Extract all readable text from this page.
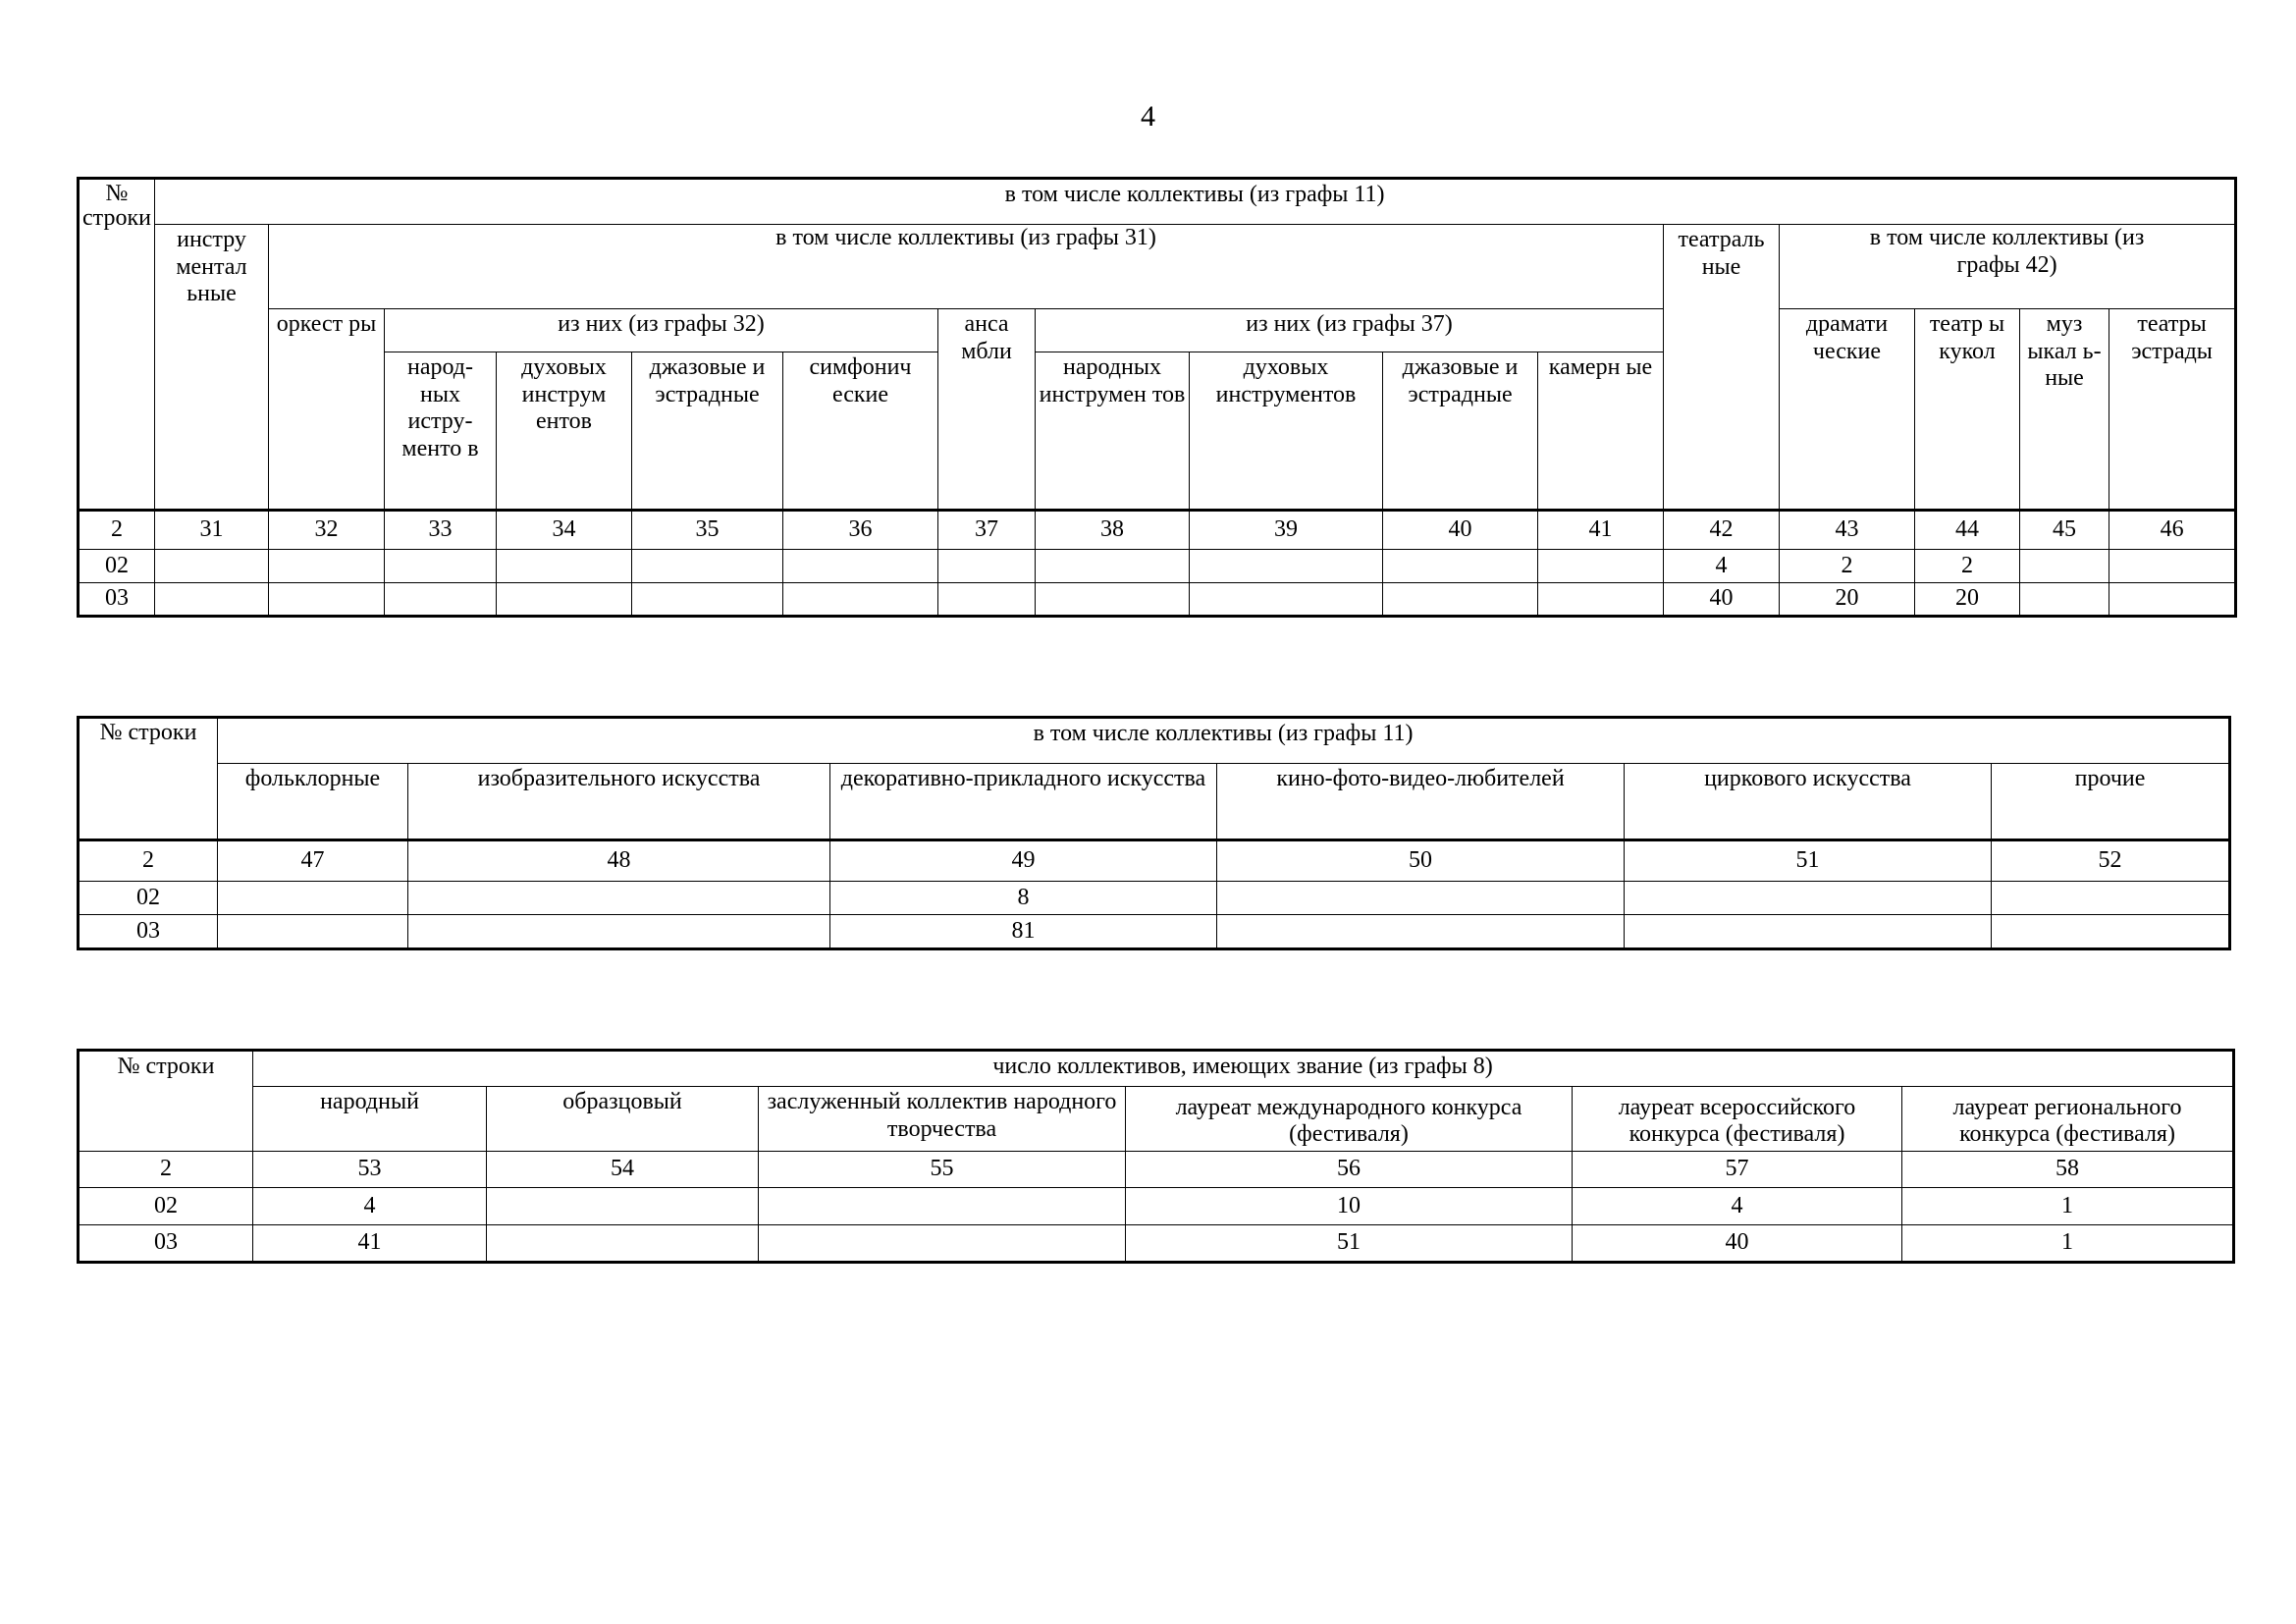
4
№ строки	в том числе коллективы (из графы 11)															
	инстру ментал ьные	в том числе коллективы (из графы 31)										театраль ные	в том числе коллективы (из графы 42)			
		оркест ры	из них (из графы 32)				анса мбли	из них (из графы 37)					драмати ческие	театр ы кукол	муз ыкал ь- ные	театры эстрады
			народ- ных истру- менто в	духовых инструм ентов	джазовые и эстрадные	симфонич еские		народных инструмен тов	духовых инструментов	джазовые и эстрадные	камерн ые					
2	31	32	33	34	35	36	37	38	39	40	41	42	43	44	45	46
02												4	2	2		
03												40	20	20		
№ строки	в том числе коллективы (из графы 11)					
	фольклорные	изобразительного искусства	декоративно-прикладного искусства	кино-фото-видео-любителей	циркового искусства	прочие
2	47	48	49	50	51	52
02			8			
03			81			
№ строки	число коллективов, имеющих звание (из графы 8)					
	народный	образцовый	заслуженный коллектив народного творчества	лауреат международного конкурса (фестиваля)	лауреат всероссийского конкурса (фестиваля)	лауреат регионального конкурса (фестиваля)
2	53	54	55	56	57	58
02	4			10	4	1
03	41			51	40	1
